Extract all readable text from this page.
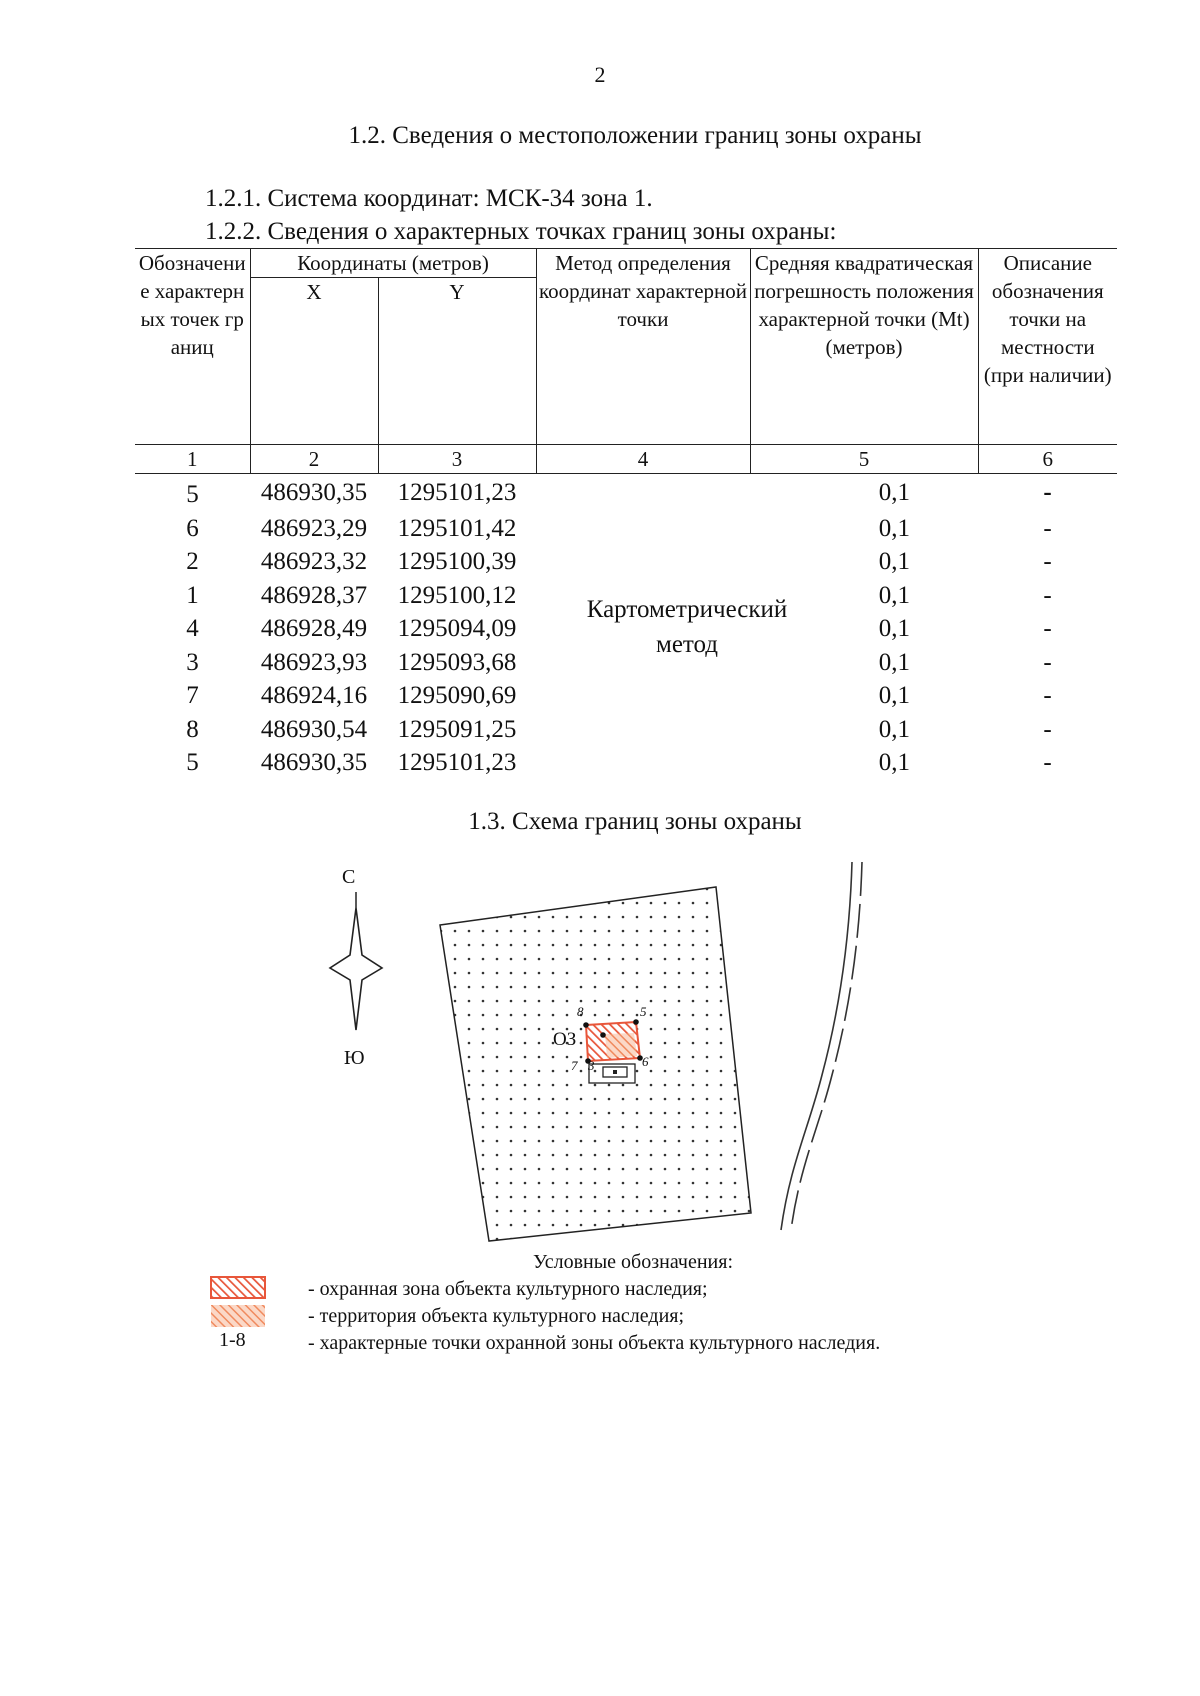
2
1.2. Сведения о местоположении границ зоны охраны
1.2.1. Система координат: МСК-34 зона 1.
1.2.2. Сведения о характерных точках границ зоны охраны:
Обозначение характерных точек границ	Координаты (метров)		Метод определения координат характерной точки	Средняя квадратическая погрешность положения характерной точки (Mt) (метров)	Описание обозначения точки на местности (при наличии)
	X	Y			
1	2	3	4	5	6
5	486930,35	1295101,23	Картометрический метод	0,1	-
6	486923,29	1295101,42		0,1	-
2	486923,32	1295100,39		0,1	-
1	486928,37	1295100,12		0,1	-
4	486928,49	1295094,09		0,1	-
3	486923,93	1295093,68		0,1	-
7	486924,16	1295090,69		0,1	-
8	486930,54	1295091,25		0,1	-
5	486930,35	1295101,23		0,1	-
1.3. Схема границ зоны охраны
С
Ю
ОЗ
8	5
7 3	6
Условные обозначения:
- охранная зона объекта культурного наследия;
- территория объекта культурного наследия;
1-8	- характерные точки охранной зоны объекта культурного наследия.
